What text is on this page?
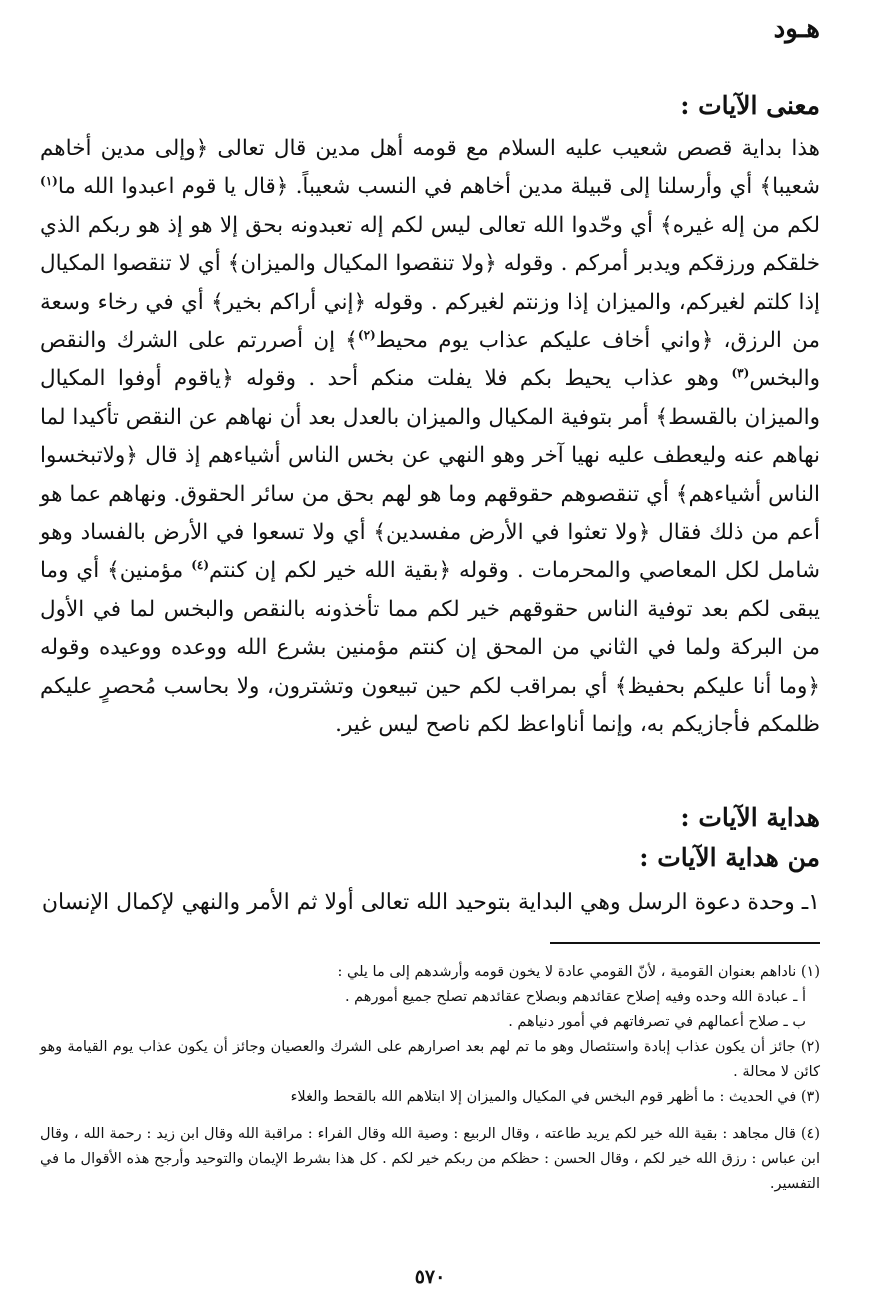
هـود
معنى الآيات :

هذا بداية قصص شعيب عليه السلام مع قومه أهل مدين قال تعالى ﴿وإلى مدين أخاهم شعيبا﴾ أي وأرسلنا إلى قبيلة مدين أخاهم في النسب شعيباً. ﴿قال يا قوم اعبدوا الله ما$^{(١)}$ لكم من إله غيره﴾ أي وحّدوا الله تعالى ليس لكم إله تعبدونه بحق إلا هو إذ هو ربكم الذي خلقكم ورزقكم ويدبر أمركم . وقوله ﴿ولا تنقصوا المكيال والميزان﴾ أي لا تنقصوا المكيال إذا كلتم لغيركم، والميزان إذا وزنتم لغيركم . وقوله ﴿إني أراكم بخير﴾ أي في رخاء وسعة من الرزق، ﴿واني أخاف عليكم عذاب يوم محيط$^{(٢)}$﴾ إن أصررتم على الشرك والنقص والبخس$^{(٣)}$ وهو عذاب يحيط بكم فلا يفلت منكم أحد . وقوله ﴿ياقوم أوفوا المكيال والميزان بالقسط﴾ أمر بتوفية المكيال والميزان بالعدل بعد أن نهاهم عن النقص تأكيدا لما نهاهم عنه وليعطف عليه نهيا آخر وهو النهي عن بخس الناس أشياءهم إذ قال ﴿ولاتبخسوا الناس أشياءهم﴾ أي تنقصوهم حقوقهم وما هو لهم بحق من سائر الحقوق. ونهاهم عما هو أعم من ذلك فقال ﴿ولا تعثوا في الأرض مفسدين﴾ أي ولا تسعوا في الأرض بالفساد وهو شامل لكل المعاصي والمحرمات . وقوله ﴿بقية الله خير لكم إن كنتم$^{(٤)}$ مؤمنين﴾ أي وما يبقى لكم بعد توفية الناس حقوقهم خير لكم مما تأخذونه بالنقص والبخس لما في الأول من البركة ولما في الثاني من المحق إن كنتم مؤمنين بشرع الله ووعده ووعيده وقوله ﴿وما أنا عليكم بحفيظ﴾ أي بمراقب لكم حين تبيعون وتشترون، ولا بحاسب مُحصرٍ عليكم ظلمكم فأجازيكم به، وإنما أناواعظ لكم ناصح ليس غير.

هداية الآيات :
من هداية الآيات :
١ـ وحدة دعوة الرسل وهي البداية بتوحيد الله تعالى أولا ثم الأمر والنهي لإكمال الإنسان

(١) ناداهم بعنوان القومية ، لأنّ القومي عادة لا يخون قومه وأرشدهم إلى ما يلي :

أ ـ عبادة الله وحده وفيه إصلاح عقائدهم وبصلاح عقائدهم تصلح جميع أمورهم .

ب ـ صلاح أعمالهم في تصرفاتهم في أمور دنياهم .

(٢) جائز أن يكون عذاب إبادة واستئصال وهو ما تم لهم بعد اصرارهم على الشرك والعصيان وجائز أن يكون عذاب يوم القيامة وهو كائن لا محالة .

(٣) في الحديث : ما أظهر قوم البخس في المكيال والميزان إلا ابتلاهم الله بالقحط والغلاء

(٤) قال مجاهد : بقية الله خير لكم يريد طاعته ، وقال الربيع : وصية الله وقال الفراء : مراقبة الله وقال ابن زيد : رحمة الله ، وقال ابن عباس : رزق الله خير لكم ، وقال الحسن : حظكم من ربكم خير لكم . كل هذا بشرط الإيمان والتوحيد وأرجح هذه الأقوال ما في التفسير.

٥٧٠
